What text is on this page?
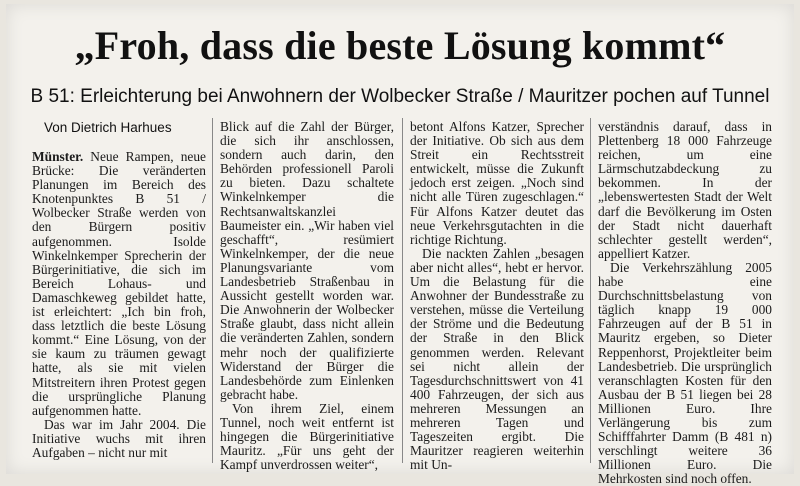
„Froh, dass die beste Lösung kommt“
B 51: Erleichterung bei Anwohnern der Wolbecker Straße / Mauritzer pochen auf Tunnel
Von Dietrich Harhues

Münster. Neue Rampen, neue Brücke: Die veränderten Planungen im Bereich des Knotenpunktes B 51 / Wolbecker Straße werden von den Bürgern positiv aufgenommen. Isolde Winkelnkemper Sprecherin der Bürgerinitiative, die sich im Bereich Lohaus- und Damaschkeweg gebildet hatte, ist erleichtert: „Ich bin froh, dass letztlich die beste Lösung kommt.“ Eine Lösung, von der sie kaum zu träumen gewagt hatte, als sie mit vielen Mitstreitern ihren Protest gegen die ursprüngliche Planung aufgenommen hatte.

Das war im Jahr 2004. Die Initiative wuchs mit ihren Aufgaben – nicht nur mit

Blick auf die Zahl der Bürger, die sich ihr anschlossen, sondern auch darin, den Behörden professionell Paroli zu bieten. Dazu schaltete Winkelnkemper die Rechtsanwaltskanzlei Baumeister ein. „Wir haben viel geschafft“, resümiert Winkelnkemper, der die neue Planungsvariante vom Landesbetrieb Straßenbau in Aussicht gestellt worden war. Die Anwohnerin der Wolbecker Straße glaubt, dass nicht allein die veränderten Zahlen, sondern mehr noch der qualifizierte Widerstand der Bürger die Landesbehörde zum Einlenken gebracht habe.

Von ihrem Ziel, einem Tunnel, noch weit entfernt ist hingegen die Bürgerinitiative Mauritz. „Für uns geht der Kampf unverdrossen weiter“,

betont Alfons Katzer, Sprecher der Initiative. Ob sich aus dem Streit ein Rechtsstreit entwickelt, müsse die Zukunft jedoch erst zeigen. „Noch sind nicht alle Türen zugeschlagen.“ Für Alfons Katzer deutet das neue Verkehrsgutachten in die richtige Richtung.

Die nackten Zahlen „besagen aber nicht alles“, hebt er hervor. Um die Belastung für die Anwohner der Bundesstraße zu verstehen, müsse die Verteilung der Ströme und die Bedeutung der Straße in den Blick genommen werden. Relevant sei nicht allein der Tagesdurchschnittswert von 41 400 Fahrzeugen, der sich aus mehreren Messungen an mehreren Tagen und Tageszeiten ergibt. Die Mauritzer reagieren weiterhin mit Un-

verständnis darauf, dass in Plettenberg 18 000 Fahrzeuge reichen, um eine Lärmschutzabdeckung zu bekommen. In der „lebenswertesten Stadt der Welt darf die Bevölkerung im Osten der Stadt nicht dauerhaft schlechter gestellt werden“, appelliert Katzer.

Die Verkehrszählung 2005 habe eine Durchschnittsbelastung von täglich knapp 19 000 Fahrzeugen auf der B 51 in Mauritz ergeben, so Dieter Reppenhorst, Projektleiter beim Landesbetrieb. Die ursprünglich veranschlagten Kosten für den Ausbau der B 51 liegen bei 28 Millionen Euro. Ihre Verlängerung bis zum Schifffahrter Damm (B 481 n) verschlingt weitere 36 Millionen Euro. Die Mehrkosten sind noch offen.
